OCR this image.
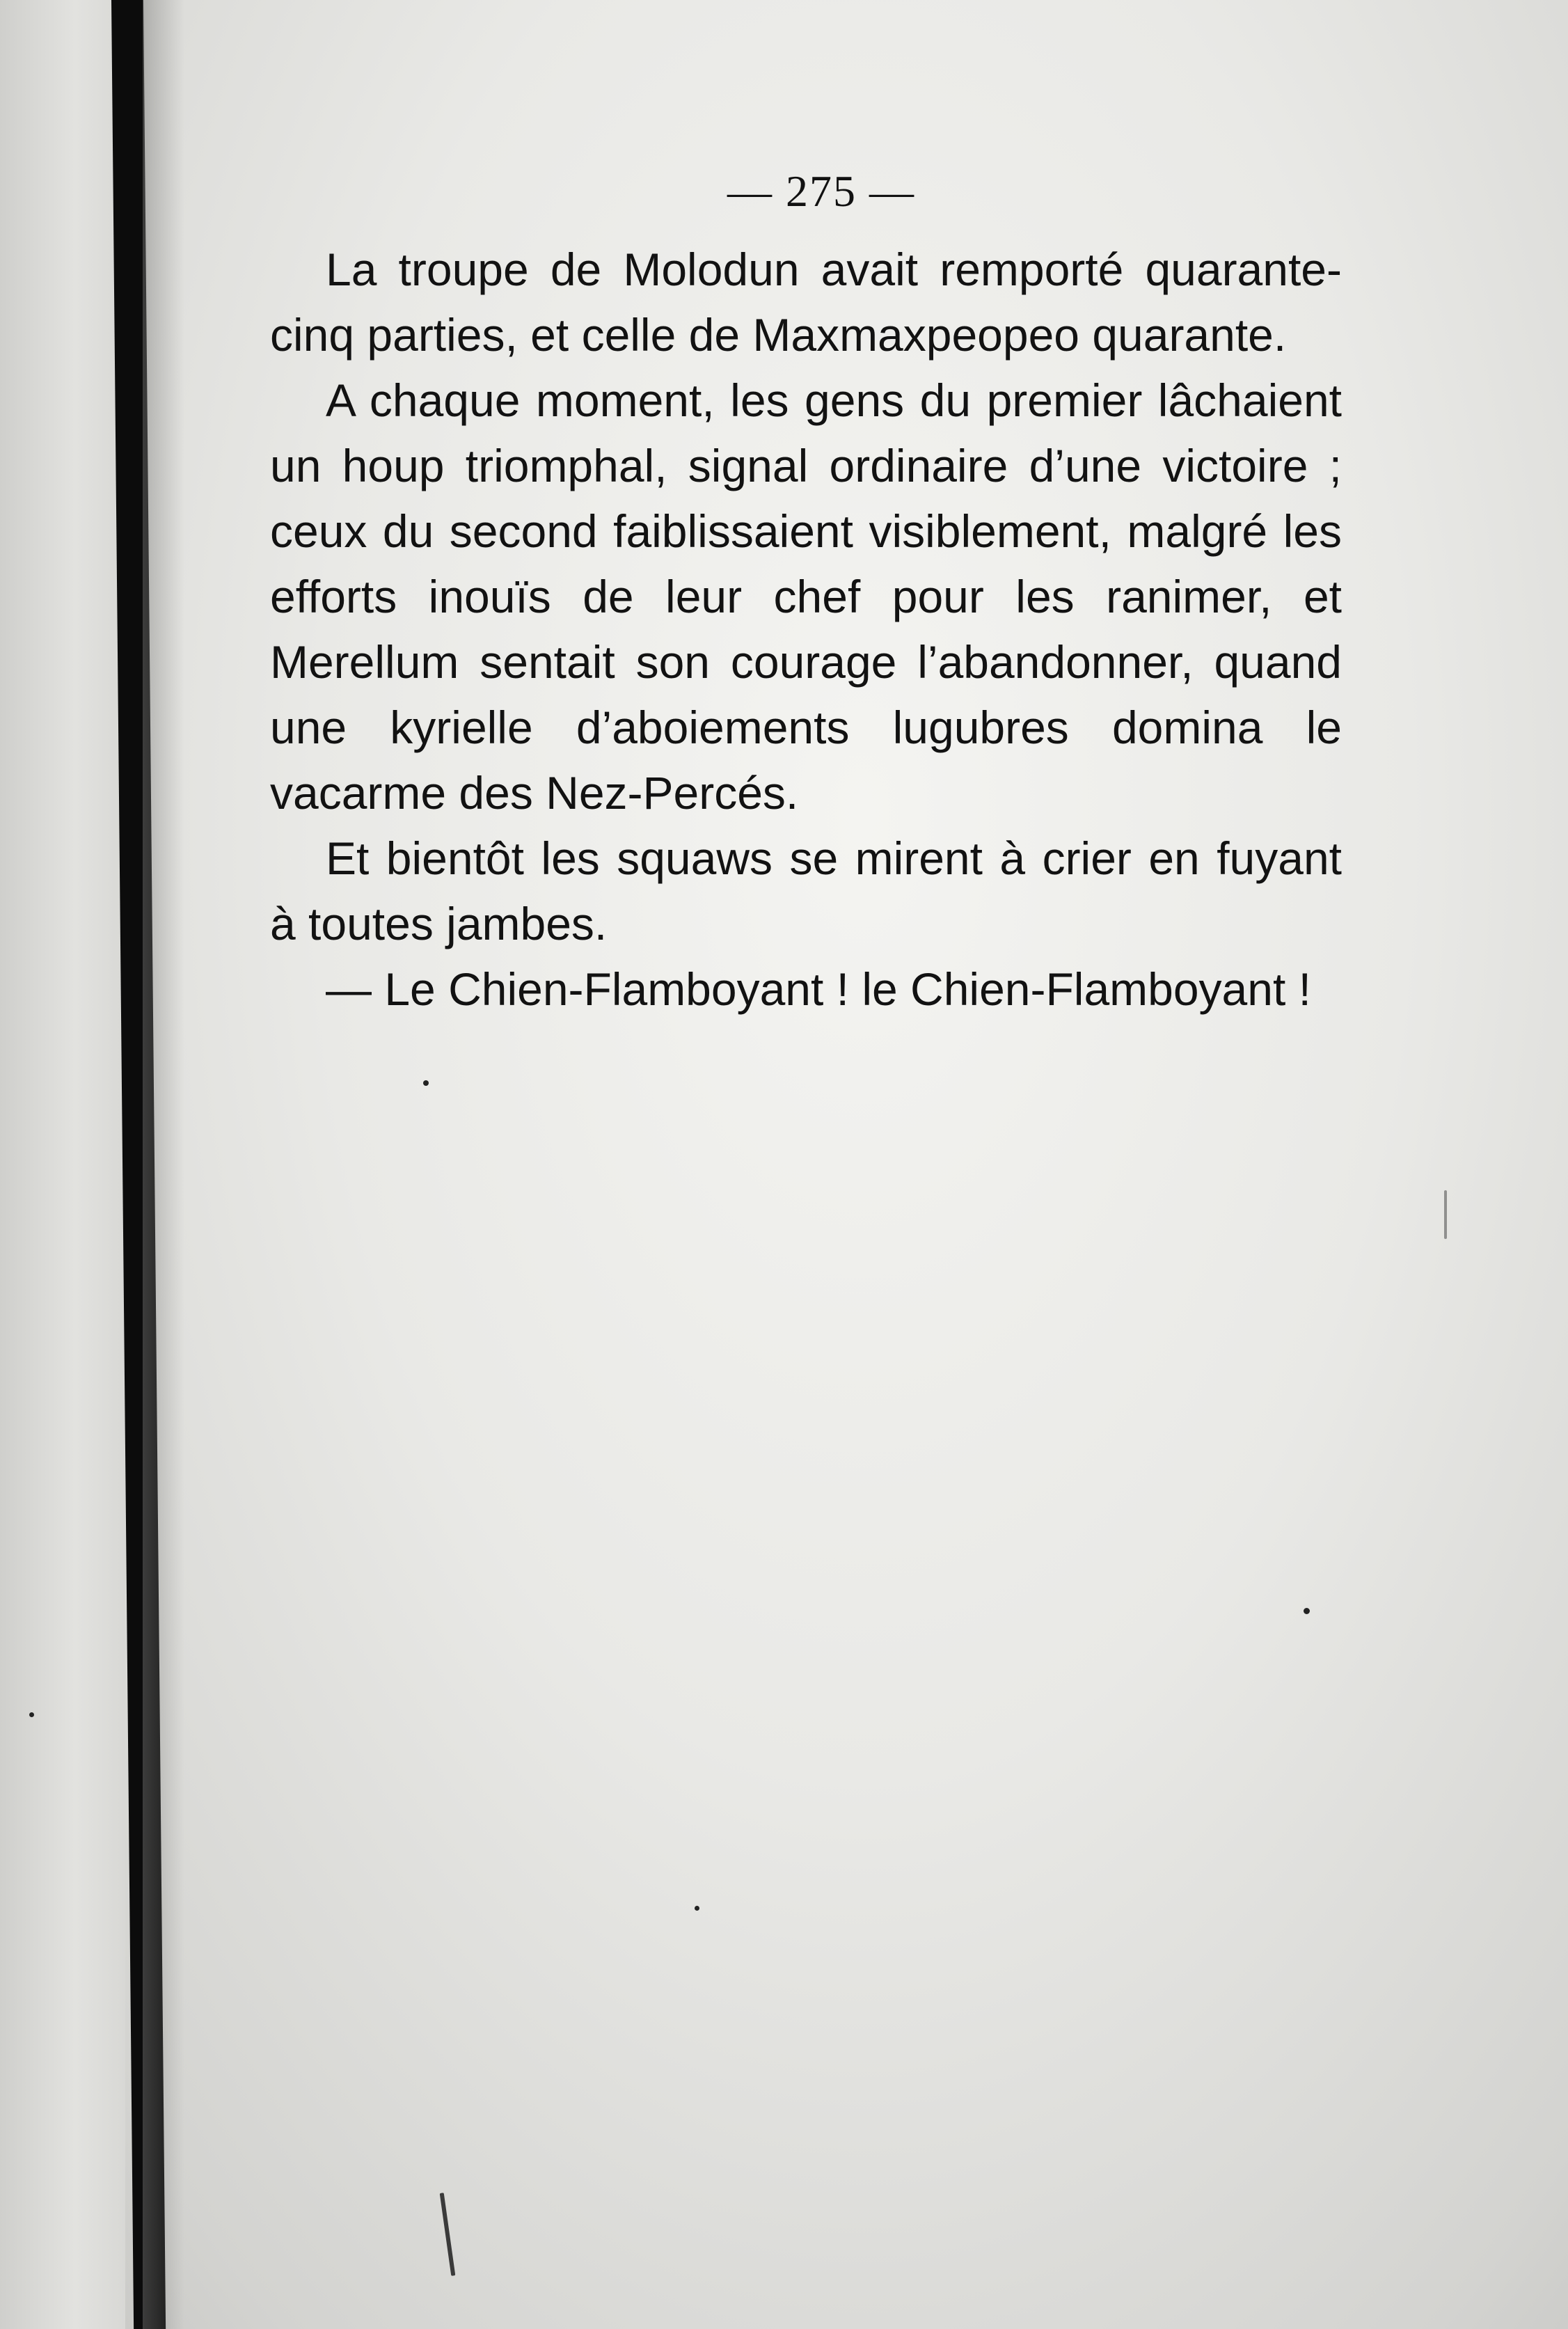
— 275 —

La troupe de Molodun avait remporté quarante-cinq parties, et celle de Maxmaxpeopeo quarante.

A chaque moment, les gens du premier lâchaient un houp triomphal, signal ordinaire d’une victoire ; ceux du second faiblissaient visiblement, malgré les efforts inouïs de leur chef pour les ranimer, et Merellum sentait son courage l’abandonner, quand une kyrielle d’aboiements lugubres domina le vacarme des Nez-Percés.

Et bientôt les squaws se mirent à crier en fuyant à toutes jambes.

— Le Chien-Flamboyant ! le Chien-Flamboyant !
